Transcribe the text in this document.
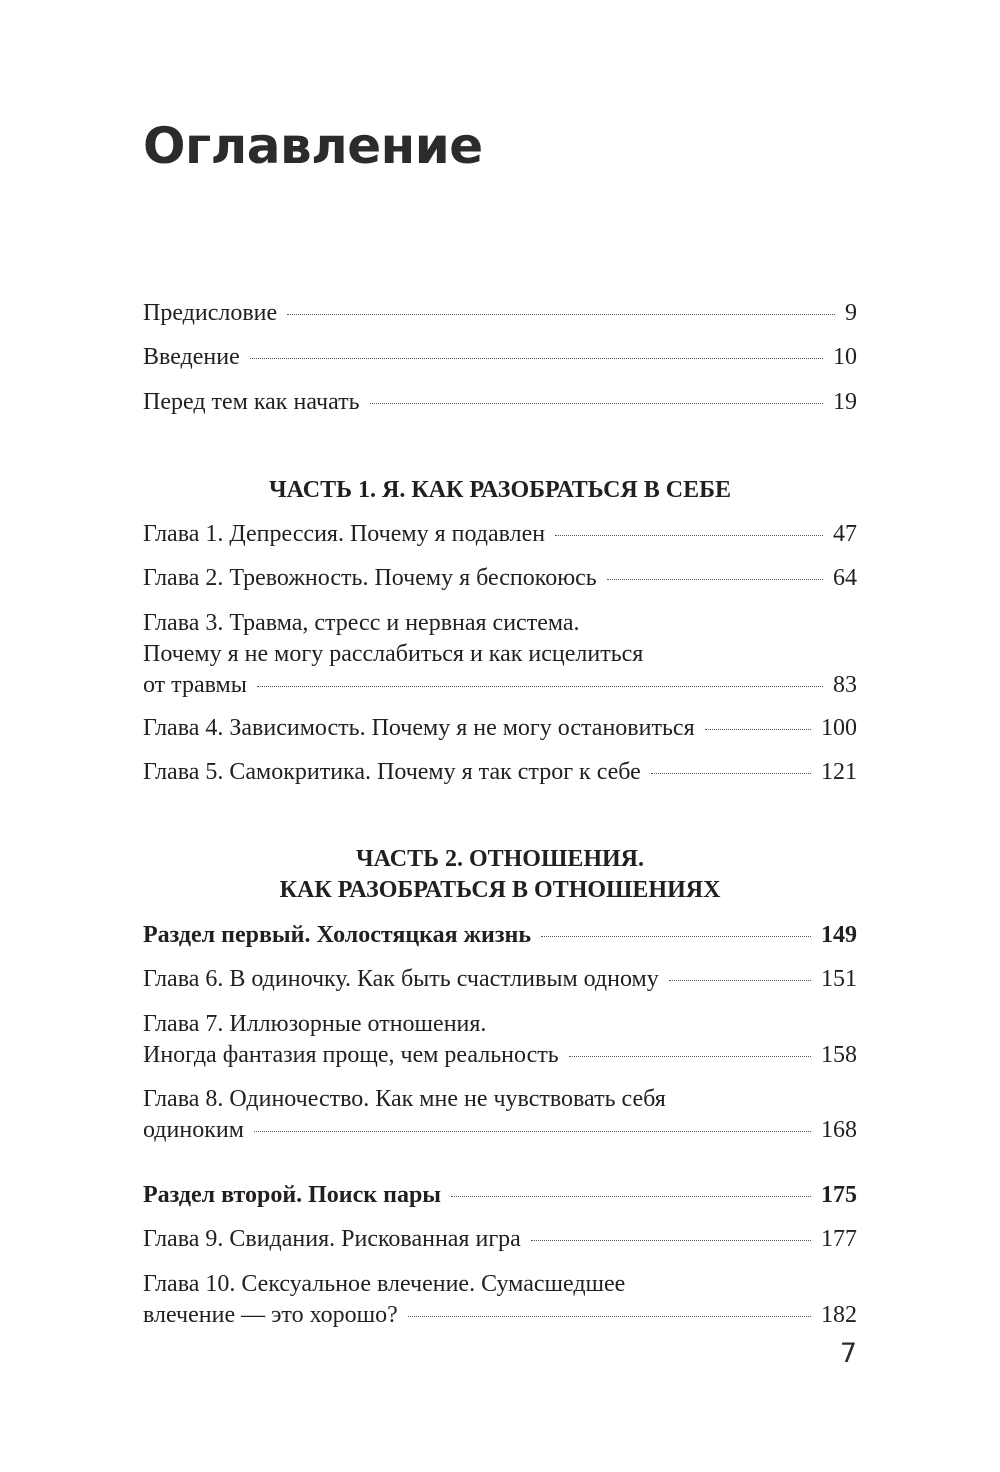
Оглавление
Предисловие	9
Введение	10
Перед тем как начать	19
ЧАСТЬ 1. Я. КАК РАЗОБРАТЬСЯ В СЕБЕ
Глава 1. Депрессия. Почему я подавлен	47
Глава 2. Тревожность. Почему я беспокоюсь	64
Глава 3. Травма, стресс и нервная система.
Почему я не могу расслабиться и как исцелиться
от травмы	83
Глава 4. Зависимость. Почему я не могу остановиться	100
Глава 5. Самокритика. Почему я так строг к себе	121
ЧАСТЬ 2. ОТНОШЕНИЯ.
КАК РАЗОБРАТЬСЯ В ОТНОШЕНИЯХ
Раздел первый. Холостяцкая жизнь	149
Глава 6. В одиночку. Как быть счастливым одному	151
Глава 7. Иллюзорные отношения.
Иногда фантазия проще, чем реальность	158
Глава 8. Одиночество. Как мне не чувствовать себя
одиноким	168
Раздел второй. Поиск пары	175
Глава 9. Свидания. Рискованная игра	177
Глава 10. Сексуальное влечение. Сумасшедшее
влечение — это хорошо?	182
7
